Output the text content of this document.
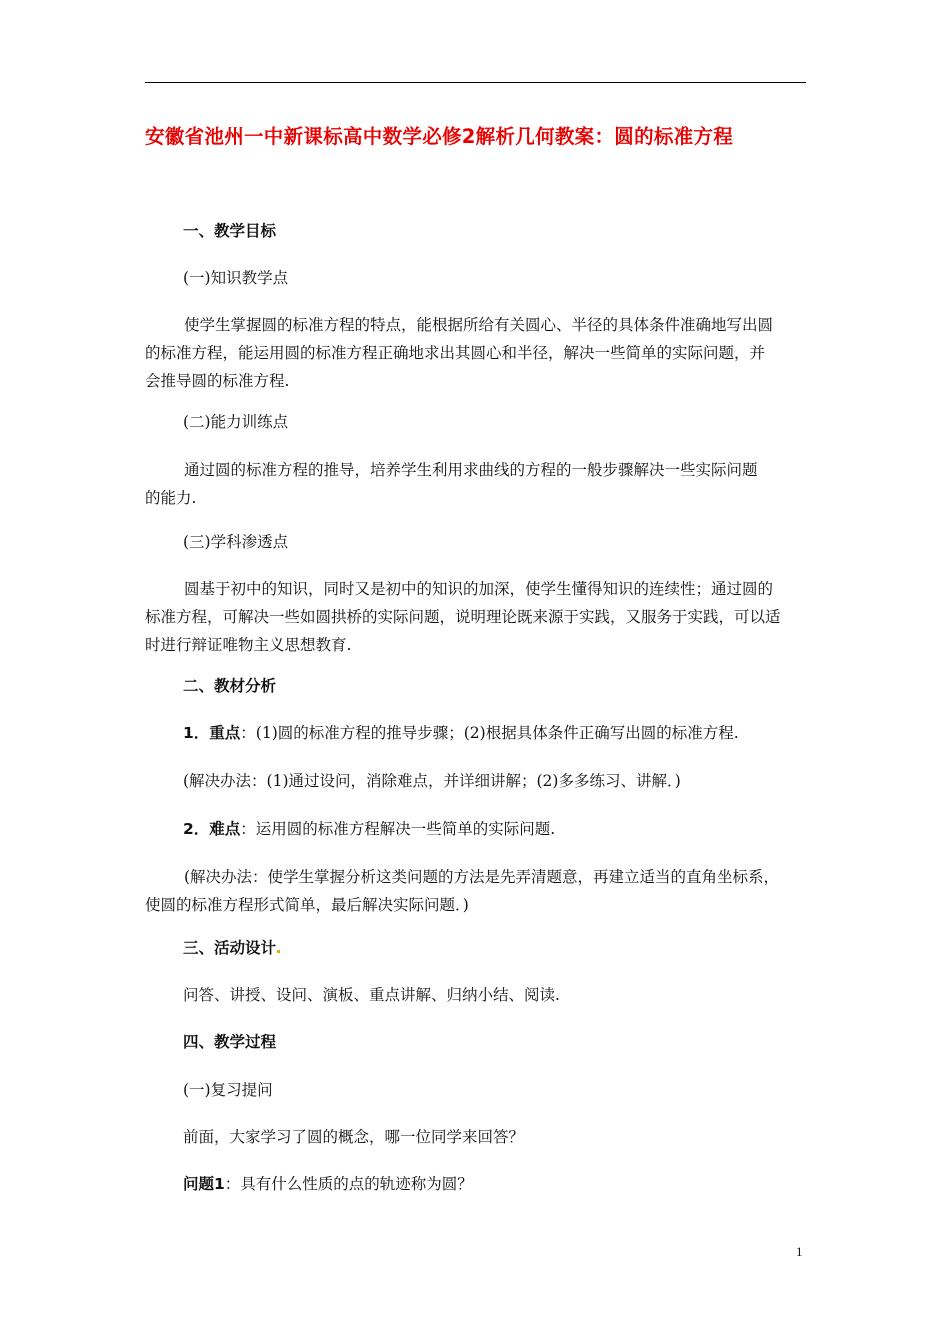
安徽省池州一中新课标高中数学必修2解析几何教案：圆的标准方程
一、教学目标
(一)知识教学点
使学生掌握圆的标准方程的特点，能根据所给有关圆心、半径的具体条件准确地写出圆
的标准方程，能运用圆的标准方程正确地求出其圆心和半径，解决一些简单的实际问题，并
会推导圆的标准方程.
(二)能力训练点
通过圆的标准方程的推导，培养学生利用求曲线的方程的一般步骤解决一些实际问题
的能力.
(三)学科渗透点
圆基于初中的知识，同时又是初中的知识的加深，使学生懂得知识的连续性；通过圆的
标准方程，可解决一些如圆拱桥的实际问题，说明理论既来源于实践，又服务于实践，可以适
时进行辩证唯物主义思想教育.
二、教材分析
1．重点：(1)圆的标准方程的推导步骤；(2)根据具体条件正确写出圆的标准方程.
(解决办法：(1)通过设问，消除难点，并详细讲解；(2)多多练习、讲解．)
2．难点：运用圆的标准方程解决一些简单的实际问题.
(解决办法：使学生掌握分析这类问题的方法是先弄清题意，再建立适当的直角坐标系，
使圆的标准方程形式简单，最后解决实际问题．)
三、活动设计
问答、讲授、设问、演板、重点讲解、归纳小结、阅读.
四、教学过程
(一)复习提问
前面，大家学习了圆的概念，哪一位同学来回答？
问题1：具有什么性质的点的轨迹称为圆？
1
